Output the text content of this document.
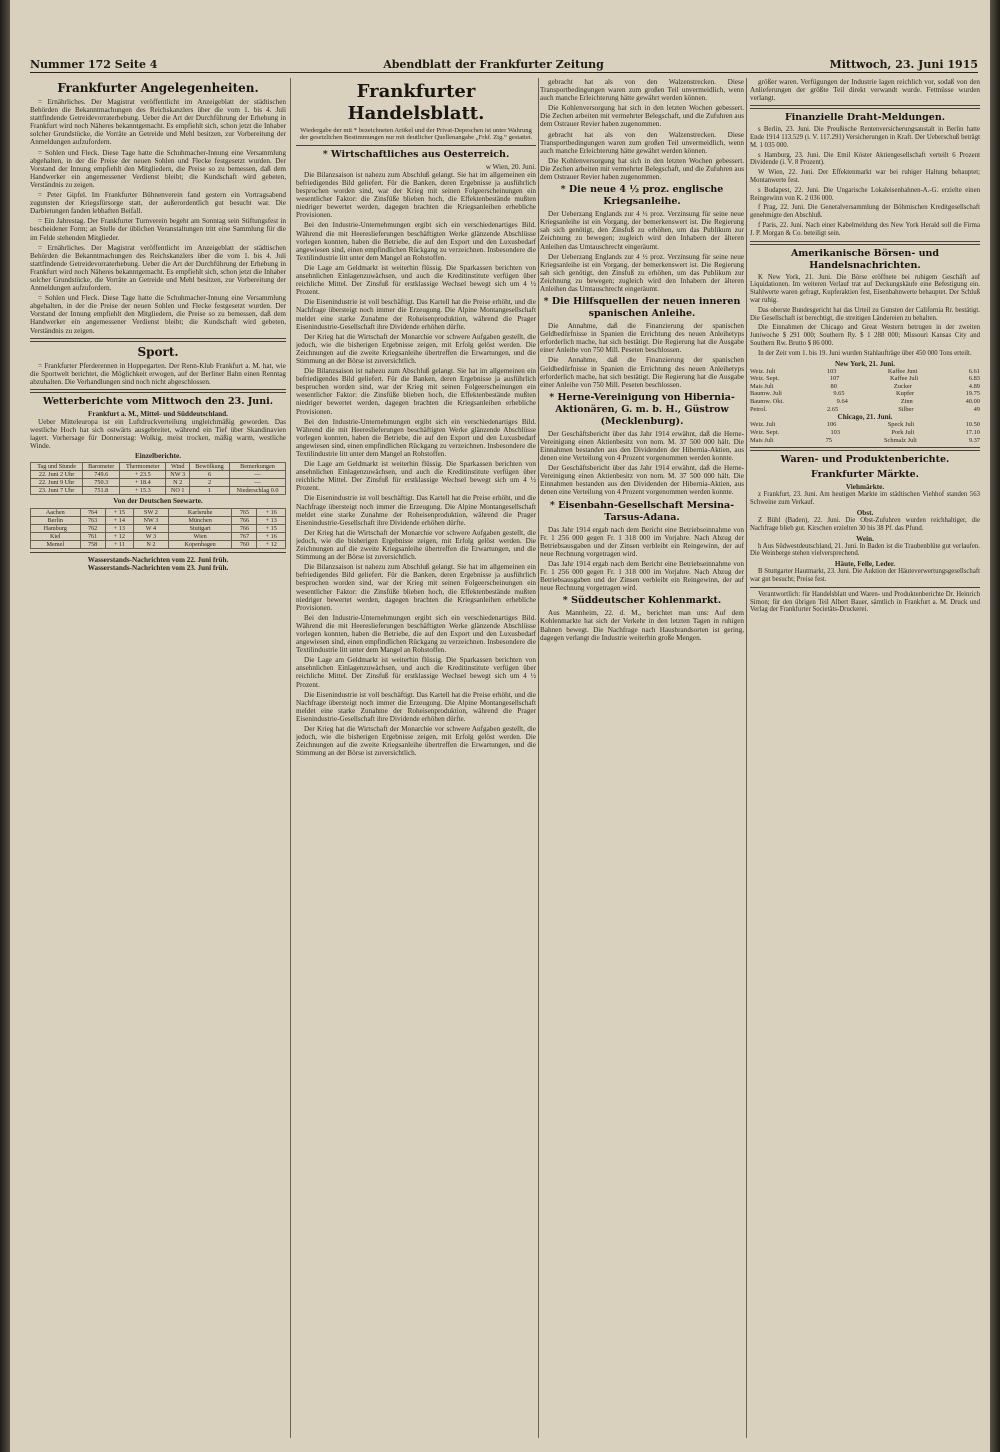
Nummer 172 Seite 4	Abendblatt der Frankfurter Zeitung	Mittwoch, 23. Juni 1915
Frankfurter Angelegenheiten.

= Ernährliches. Der Magistrat veröffentlicht im Anzeigeblatt der städtischen Behörden die Bekanntmachungen des Reichskanzlers über die vom 1. bis 4. Juli stattfindende Getreidevorraterhebung. Ueber die Art der Durchführung der Erhebung in Frankfurt wird noch Näheres bekanntgemacht. Es empfiehlt sich, schon jetzt die Inhaber solcher Grundstücke, die Vorräte an Getreide und Mehl besitzen, zur Vorbereitung der Anmeldungen aufzufordern.

= Sohlen und Fleck. Diese Tage hatte die Schuhmacher-Innung eine Versammlung abgehalten, in der die Preise der neuen Sohlen und Flecke festgesetzt wurden. Der Vorstand der Innung empfiehlt den Mitgliedern, die Preise so zu bemessen, daß dem Handwerker ein angemessener Verdienst bleibt; die Kundschaft wird gebeten, Verständnis zu zeigen.

= Peter Gipfel. Im Frankfurter Bühnenverein fand gestern ein Vortragsabend zugunsten der Kriegsfürsorge statt, der außerordentlich gut besucht war. Die Darbietungen fanden lebhaften Beifall.

= Ein Jahrestag. Der Frankfurter Turnverein begeht am Sonntag sein Stiftungsfest in bescheidener Form; an Stelle der üblichen Veranstaltungen tritt eine Sammlung für die im Felde stehenden Mitglieder.

= Ernährliches. Der Magistrat veröffentlicht im Anzeigeblatt der städtischen Behörden die Bekanntmachungen des Reichskanzlers über die vom 1. bis 4. Juli stattfindende Getreidevorraterhebung. Ueber die Art der Durchführung der Erhebung in Frankfurt wird noch Näheres bekanntgemacht. Es empfiehlt sich, schon jetzt die Inhaber solcher Grundstücke, die Vorräte an Getreide und Mehl besitzen, zur Vorbereitung der Anmeldungen aufzufordern.

= Sohlen und Fleck. Diese Tage hatte die Schuhmacher-Innung eine Versammlung abgehalten, in der die Preise der neuen Sohlen und Flecke festgesetzt wurden. Der Vorstand der Innung empfiehlt den Mitgliedern, die Preise so zu bemessen, daß dem Handwerker ein angemessener Verdienst bleibt; die Kundschaft wird gebeten, Verständnis zu zeigen.

Sport.

= Frankfurter Pferderennen in Hoppegarten. Der Renn-Klub Frankfurt a. M. hat, wie die Sportwelt berichtet, die Möglichkeit erwogen, auf der Berliner Bahn einen Renntag abzuhalten. Die Verhandlungen sind noch nicht abgeschlossen.

Wetterberichte vom Mittwoch den 23. Juni.
Frankfurt a. M., Mittel- und Süddeutschland.

Ueber Mitteleuropa ist ein Luftdruckverteilung ungleichmäßig geworden. Das westliche Hoch hat sich ostwärts ausgebreitet, während ein Tief über Skandinavien lagert. Vorhersage für Donnerstag: Wolkig, meist trocken, mäßig warm, westliche Winde.

Einzelberichte.
Tag und Stunde	Barometer	Thermometer	Wind	Bewölkung	Bemerkungen
22. Juni 2 Uhr	749.6	+ 23.5	NW 3	6	—
22. Juni 9 Uhr	750.3	+ 18.4	N 2	2	—
23. Juni 7 Uhr	751.8	+ 15.3	NO 1	1	Niederschlag 0.0
Von der Deutschen Seewarte.
Aachen	764	+ 15	SW 2	Karlsruhe	765	+ 16
Berlin	763	+ 14	NW 3	München	766	+ 13
Hamburg	762	+ 13	W 4	Stuttgart	766	+ 15
Kiel	761	+ 12	W 3	Wien	767	+ 16
Memel	758	+ 11	N 2	Kopenhagen	760	+ 12
Wasserstands-Nachrichten vom 22. Juni früh.
Wasserstands-Nachrichten vom 23. Juni früh.
Frankfurter Handelsblatt.
Wiedergabe der mit * bezeichneten Artikel und der Privat-Depeschen ist unter Wahrung der gesetzlichen Bestimmungen nur mit deutlicher Quellenangabe „Frkf. Ztg.“ gestattet.
* Wirtschaftliches aus Oesterreich.
w Wien, 20. Juni.

Die Bilanzsaison ist nahezu zum Abschluß gelangt. Sie hat im allgemeinen ein befriedigendes Bild geliefert. Für die Banken, deren Ergebnisse ja ausführlich besprochen worden sind, war der Krieg mit seinen Folgeerscheinungen ein wesentlicher Faktor: die Zinsfüße blieben hoch, die Effektenbestände mußten niedriger bewertet werden, dagegen brachten die Kriegsanleihen erhebliche Provisionen.

Bei den Industrie-Unternehmungen ergibt sich ein verschiedenartiges Bild. Während die mit Heereslieferungen beschäftigten Werke glänzende Abschlüsse vorlegen konnten, haben die Betriebe, die auf den Export und den Luxusbedarf angewiesen sind, einen empfindlichen Rückgang zu verzeichnen. Insbesondere die Textilindustrie litt unter dem Mangel an Rohstoffen.

Die Lage am Geldmarkt ist weiterhin flüssig. Die Sparkassen berichten von ansehnlichen Einlagenzuwächsen, und auch die Kreditinstitute verfügen über reichliche Mittel. Der Zinsfuß für erstklassige Wechsel bewegt sich um 4 ½ Prozent.

Die Eisenindustrie ist voll beschäftigt. Das Kartell hat die Preise erhöht, und die Nachfrage übersteigt noch immer die Erzeugung. Die Alpine Montangesellschaft meldet eine starke Zunahme der Roheisenproduktion, während die Prager Eisenindustrie-Gesellschaft ihre Dividende erhöhen dürfte.

Der Krieg hat die Wirtschaft der Monarchie vor schwere Aufgaben gestellt, die jedoch, wie die bisherigen Ergebnisse zeigen, mit Erfolg gelöst werden. Die Zeichnungen auf die zweite Kriegsanleihe übertreffen die Erwartungen, und die Stimmung an der Börse ist zuversichtlich.

Die Bilanzsaison ist nahezu zum Abschluß gelangt. Sie hat im allgemeinen ein befriedigendes Bild geliefert. Für die Banken, deren Ergebnisse ja ausführlich besprochen worden sind, war der Krieg mit seinen Folgeerscheinungen ein wesentlicher Faktor: die Zinsfüße blieben hoch, die Effektenbestände mußten niedriger bewertet werden, dagegen brachten die Kriegsanleihen erhebliche Provisionen.

Bei den Industrie-Unternehmungen ergibt sich ein verschiedenartiges Bild. Während die mit Heereslieferungen beschäftigten Werke glänzende Abschlüsse vorlegen konnten, haben die Betriebe, die auf den Export und den Luxusbedarf angewiesen sind, einen empfindlichen Rückgang zu verzeichnen. Insbesondere die Textilindustrie litt unter dem Mangel an Rohstoffen.

Die Lage am Geldmarkt ist weiterhin flüssig. Die Sparkassen berichten von ansehnlichen Einlagenzuwächsen, und auch die Kreditinstitute verfügen über reichliche Mittel. Der Zinsfuß für erstklassige Wechsel bewegt sich um 4 ½ Prozent.

Die Eisenindustrie ist voll beschäftigt. Das Kartell hat die Preise erhöht, und die Nachfrage übersteigt noch immer die Erzeugung. Die Alpine Montangesellschaft meldet eine starke Zunahme der Roheisenproduktion, während die Prager Eisenindustrie-Gesellschaft ihre Dividende erhöhen dürfte.

Der Krieg hat die Wirtschaft der Monarchie vor schwere Aufgaben gestellt, die jedoch, wie die bisherigen Ergebnisse zeigen, mit Erfolg gelöst werden. Die Zeichnungen auf die zweite Kriegsanleihe übertreffen die Erwartungen, und die Stimmung an der Börse ist zuversichtlich.

Die Bilanzsaison ist nahezu zum Abschluß gelangt. Sie hat im allgemeinen ein befriedigendes Bild geliefert. Für die Banken, deren Ergebnisse ja ausführlich besprochen worden sind, war der Krieg mit seinen Folgeerscheinungen ein wesentlicher Faktor: die Zinsfüße blieben hoch, die Effektenbestände mußten niedriger bewertet werden, dagegen brachten die Kriegsanleihen erhebliche Provisionen.

Bei den Industrie-Unternehmungen ergibt sich ein verschiedenartiges Bild. Während die mit Heereslieferungen beschäftigten Werke glänzende Abschlüsse vorlegen konnten, haben die Betriebe, die auf den Export und den Luxusbedarf angewiesen sind, einen empfindlichen Rückgang zu verzeichnen. Insbesondere die Textilindustrie litt unter dem Mangel an Rohstoffen.

Die Lage am Geldmarkt ist weiterhin flüssig. Die Sparkassen berichten von ansehnlichen Einlagenzuwächsen, und auch die Kreditinstitute verfügen über reichliche Mittel. Der Zinsfuß für erstklassige Wechsel bewegt sich um 4 ½ Prozent.

Die Eisenindustrie ist voll beschäftigt. Das Kartell hat die Preise erhöht, und die Nachfrage übersteigt noch immer die Erzeugung. Die Alpine Montangesellschaft meldet eine starke Zunahme der Roheisenproduktion, während die Prager Eisenindustrie-Gesellschaft ihre Dividende erhöhen dürfte.

Der Krieg hat die Wirtschaft der Monarchie vor schwere Aufgaben gestellt, die jedoch, wie die bisherigen Ergebnisse zeigen, mit Erfolg gelöst werden. Die Zeichnungen auf die zweite Kriegsanleihe übertreffen die Erwartungen, und die Stimmung an der Börse ist zuversichtlich.

gebracht hat als von den Walzenstrecken. Diese Transportbedingungen waren zum großen Teil unvermeidlich, wenn auch manche Erleichterung hätte gewährt werden können.

Die Kohlenversorgung hat sich in den letzten Wochen gebessert. Die Zechen arbeiten mit vermehrter Belegschaft, und die Zufuhren aus dem Ostrauer Revier haben zugenommen.

gebracht hat als von den Walzenstrecken. Diese Transportbedingungen waren zum großen Teil unvermeidlich, wenn auch manche Erleichterung hätte gewährt werden können.

Die Kohlenversorgung hat sich in den letzten Wochen gebessert. Die Zechen arbeiten mit vermehrter Belegschaft, und die Zufuhren aus dem Ostrauer Revier haben zugenommen.

* Die neue 4 ½ proz. englische Kriegsanleihe.

Der Ueberzang Englands zur 4 ½ proz. Verzinsung für seine neue Kriegsanleihe ist ein Vorgang, der bemerkenswert ist. Die Regierung sah sich genötigt, den Zinsfuß zu erhöhen, um das Publikum zur Zeichnung zu bewegen; zugleich wird den Inhabern der älteren Anleihen das Umtauschrecht eingeräumt.

Der Ueberzang Englands zur 4 ½ proz. Verzinsung für seine neue Kriegsanleihe ist ein Vorgang, der bemerkenswert ist. Die Regierung sah sich genötigt, den Zinsfuß zu erhöhen, um das Publikum zur Zeichnung zu bewegen; zugleich wird den Inhabern der älteren Anleihen das Umtauschrecht eingeräumt.

* Die Hilfsquellen der neuen inneren spanischen Anleihe.

Die Annahme, daß die Finanzierung der spanischen Geldbedürfnisse in Spanien die Errichtung des neuen Anleihetyps erforderlich mache, hat sich bestätigt. Die Regierung hat die Ausgabe einer Anleihe von 750 Mill. Peseten beschlossen.

Die Annahme, daß die Finanzierung der spanischen Geldbedürfnisse in Spanien die Errichtung des neuen Anleihetyps erforderlich mache, hat sich bestätigt. Die Regierung hat die Ausgabe einer Anleihe von 750 Mill. Peseten beschlossen.

* Herne-Vereinigung von Hibernia-Aktionären, G. m. b. H., Güstrow (Mecklenburg).

Der Geschäftsbericht über das Jahr 1914 erwähnt, daß die Herne-Vereinigung einen Aktienbesitz von nom. M. 37 500 000 hält. Die Einnahmen bestanden aus den Dividenden der Hibernia-Aktien, aus denen eine Verteilung von 4 Prozent vorgenommen werden konnte.

Der Geschäftsbericht über das Jahr 1914 erwähnt, daß die Herne-Vereinigung einen Aktienbesitz von nom. M. 37 500 000 hält. Die Einnahmen bestanden aus den Dividenden der Hibernia-Aktien, aus denen eine Verteilung von 4 Prozent vorgenommen werden konnte.

* Eisenbahn-Gesellschaft Mersina-Tarsus-Adana.

Das Jahr 1914 ergab nach dem Bericht eine Betriebseinnahme von Fr. 1 256 000 gegen Fr. 1 318 000 im Vorjahre. Nach Abzug der Betriebsausgaben und der Zinsen verbleibt ein Reingewinn, der auf neue Rechnung vorgetragen wird.

Das Jahr 1914 ergab nach dem Bericht eine Betriebseinnahme von Fr. 1 256 000 gegen Fr. 1 318 000 im Vorjahre. Nach Abzug der Betriebsausgaben und der Zinsen verbleibt ein Reingewinn, der auf neue Rechnung vorgetragen wird.

* Süddeutscher Kohlenmarkt.

Aus Mannheim, 22. d. M., berichtet man uns: Auf dem Kohlenmarkte hat sich der Verkehr in den letzten Tagen in ruhigen Bahnen bewegt. Die Nachfrage nach Hausbrandsorten ist gering, dagegen verlangt die Industrie weiterhin große Mengen.

größer waren. Verfügungen der Industrie lagen reichlich vor, sodaß von den Anlieferungen der größte Teil direkt verwandt wurde. Fettnüsse wurden verlangt.

Finanzielle Draht-Meldungen.

s Berlin, 23. Juni. Die Preußische Rentenversicherungsanstalt in Berlin hatte Ende 1914 113.529 (i. V. 117.291) Versicherungen in Kraft. Der Ueberschuß beträgt M. 1 035 000.

s Hamburg, 23. Juni. Die Emil Köster Aktiengesellschaft verteilt 6 Prozent Dividende (i. V. 8 Prozent).

W Wien, 22. Juni. Der Effektenmarkt war bei ruhiger Haltung behauptet; Montanwerte fest.

s Budapest, 22. Juni. Die Ungarische Lokaleisenbahnen-A.-G. erzielte einen Reingewinn von K. 2 036 000.

f Prag, 22. Juni. Die Generalversammlung der Böhmischen Kreditgesellschaft genehmigte den Abschluß.

f Paris, 22. Juni. Nach einer Kabelmeldung des New York Herald soll die Firma J. P. Morgan & Co. beteiligt sein.

Amerikanische Börsen- und Handelsnachrichten.

K New York, 21. Juni. Die Börse eröffnete bei ruhigem Geschäft auf Liquidationen. Im weiteren Verlauf trat auf Deckungskäufe eine Befestigung ein. Stahlwerte waren gefragt, Kupferaktien fest, Eisenbahnwerte behauptet. Der Schluß war ruhig.

Das oberste Bundesgericht hat das Urteil zu Gunsten der California Rr. bestätigt. Die Gesellschaft ist berechtigt, die streitigen Ländereien zu behalten.

Die Einnahmen der Chicago and Great Western betrugen in der zweiten Juniwoche $ 291 000; Southern Ry. $ 1 288 000; Missouri Kansas City and Southern Rw. Brutto $ 86 000.

In der Zeit vom 1. bis 19. Juni wurden Stahlaufträge über 450 000 Tons erteilt.

New York, 21. Juni.
Weiz. Juli	103	Kaffee Juni	6.61
Weiz. Sept.	107	Kaffee Juli	6.83
Mais Juli	80	Zucker	4.89
Baumw. Juli	9.65	Kupfer	19.75
Baumw. Okt.	9.64	Zinn	40.00
Petrol.	2.65	Silber	49
Chicago, 21. Juni.
Weiz. Juli	106	Speck Juli	10.50
Weiz. Sept.	103	Pork Juli	17.10
Mais Juli	75	Schmalz Juli	9.37
Waren- und Produktenberichte.
Frankfurter Märkte.
Viehmärkte.

z Frankfurt, 23. Juni. Am heutigen Markte im städtischen Viehhof standen 563 Schweine zum Verkauf.

Obst.

Z Bühl (Baden), 22. Juni. Die Obst-Zufuhren wurden reichhaltiger, die Nachfrage blieb gut. Kirschen erzielten 30 bis 38 Pf. das Pfund.

Wein.

h Aus Südwestdeutschland, 21. Juni. In Baden ist die Traubenblüte gut verlaufen. Die Weinberge stehen vielversprechend.

Häute, Felle, Leder.

B Stuttgarter Hautmarkt, 23. Juni. Die Auktion der Häuteverwertungsgesellschaft war gut besucht; Preise fest.

Verantwortlich: für Handelsblatt und Waren- und Produktenberichte Dr. Heinrich Simon; für den übrigen Teil Albert Bauer, sämtlich in Frankfurt a. M. Druck und Verlag der Frankfurter Societäts-Druckerei.
